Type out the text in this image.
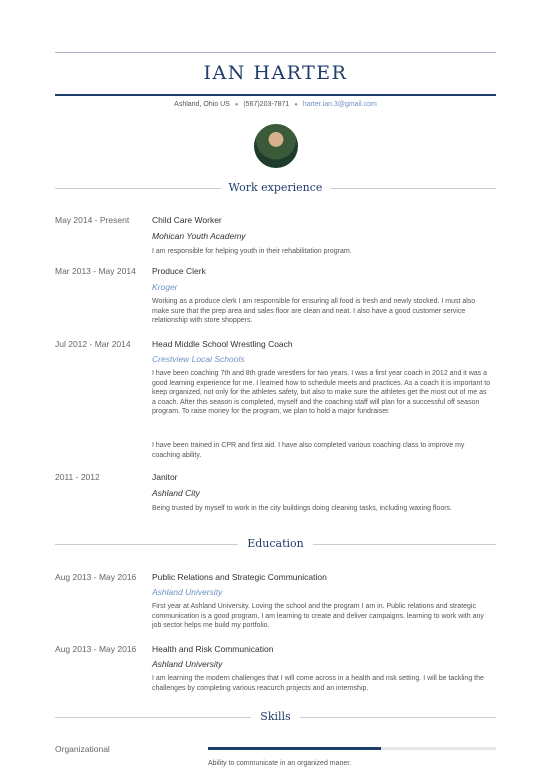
IAN HARTER
Ashland, Ohio US ● (567)203-7871 ● harter.ian.3@gmail.com
Work experience
May 2014 - Present	Child Care Worker
Mohican Youth Academy

I am responsible for helping youth in their rehabilitation program.

Mar 2013 - May 2014 Produce Clerk
Kroger

Working as a produce clerk I am responsible for ensuring all food is fresh and newly stocked. I must also make sure that the prep area and sales floor are clean and neat. I also have a good customer service relationship with store shoppers.

Jul 2012 - Mar 2014	Head Middle School Wrestling Coach
Crestview Local Schools

I have been coaching 7th and 8th grade wrestlers for two years. I was a first year coach in 2012 and it was a good learning experience for me. I learned how to schedule meets and practices. As a coach it is important to keep organized, not only for the athletes safety, but also to make sure the athletes get the most out of me as a coach. After this season is completed, myself and the coaching staff will plan for a successful off season program. To raise money for the program, we plan to hold a major fundraiser.

I have been trained in CPR and first aid. I have also completed various coaching class to improve my coaching ability.

2011 - 2012	Janitor
Ashland City

Being trusted by myself to work in the city buildings doing cleaning tasks, including waxing floors.

Education
Aug 2013 - May 2016 Public Relations and Strategic Communication
Ashland University

First year at Ashland University. Loving the school and the program I am in. Public relations and strategic communication is a good program, I am learning to create and deliver campaigns. learning to work with any job sector helps me build my portfolio.

Aug 2013 - May 2016 Health and Risk Communication
Ashland University

I am learning the modern challenges that I will come across in a health and risk setting. I will be tackling the challenges by completing various reacurch projects and an internship.

Skills
Organizational
Ability to communicate in an organized maner.
